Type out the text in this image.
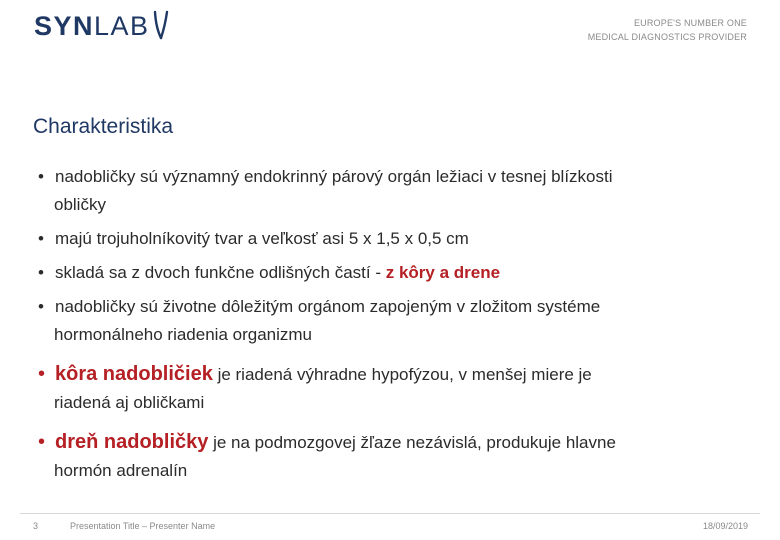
SYN LAB	EUROPE'S NUMBER ONE
MEDICAL DIAGNOSTICS PROVIDER
Charakteristika
• nadobličky sú významný endokrinný párový orgán ležiaci v tesnej blízkosti
obličky
• majú trojuholníkovitý tvar a veľkosť asi 5 x 1,5 x 0,5 cm
• skladá sa z dvoch funkčne odlišných častí - z kôry a drene
• nadobličky sú životne dôležitým orgánom zapojeným v zložitom systéme
hormonálneho riadenia organizmu
• kôra nadobličiek je riadená výhradne hypofýzou, v menšej miere je
riadená aj obličkami
• dreň nadobličky je na podmozgovej žľaze nezávislá, produkuje hlavne
hormón adrenalín
3	Presentation Title – Presenter Name	18/09/2019
